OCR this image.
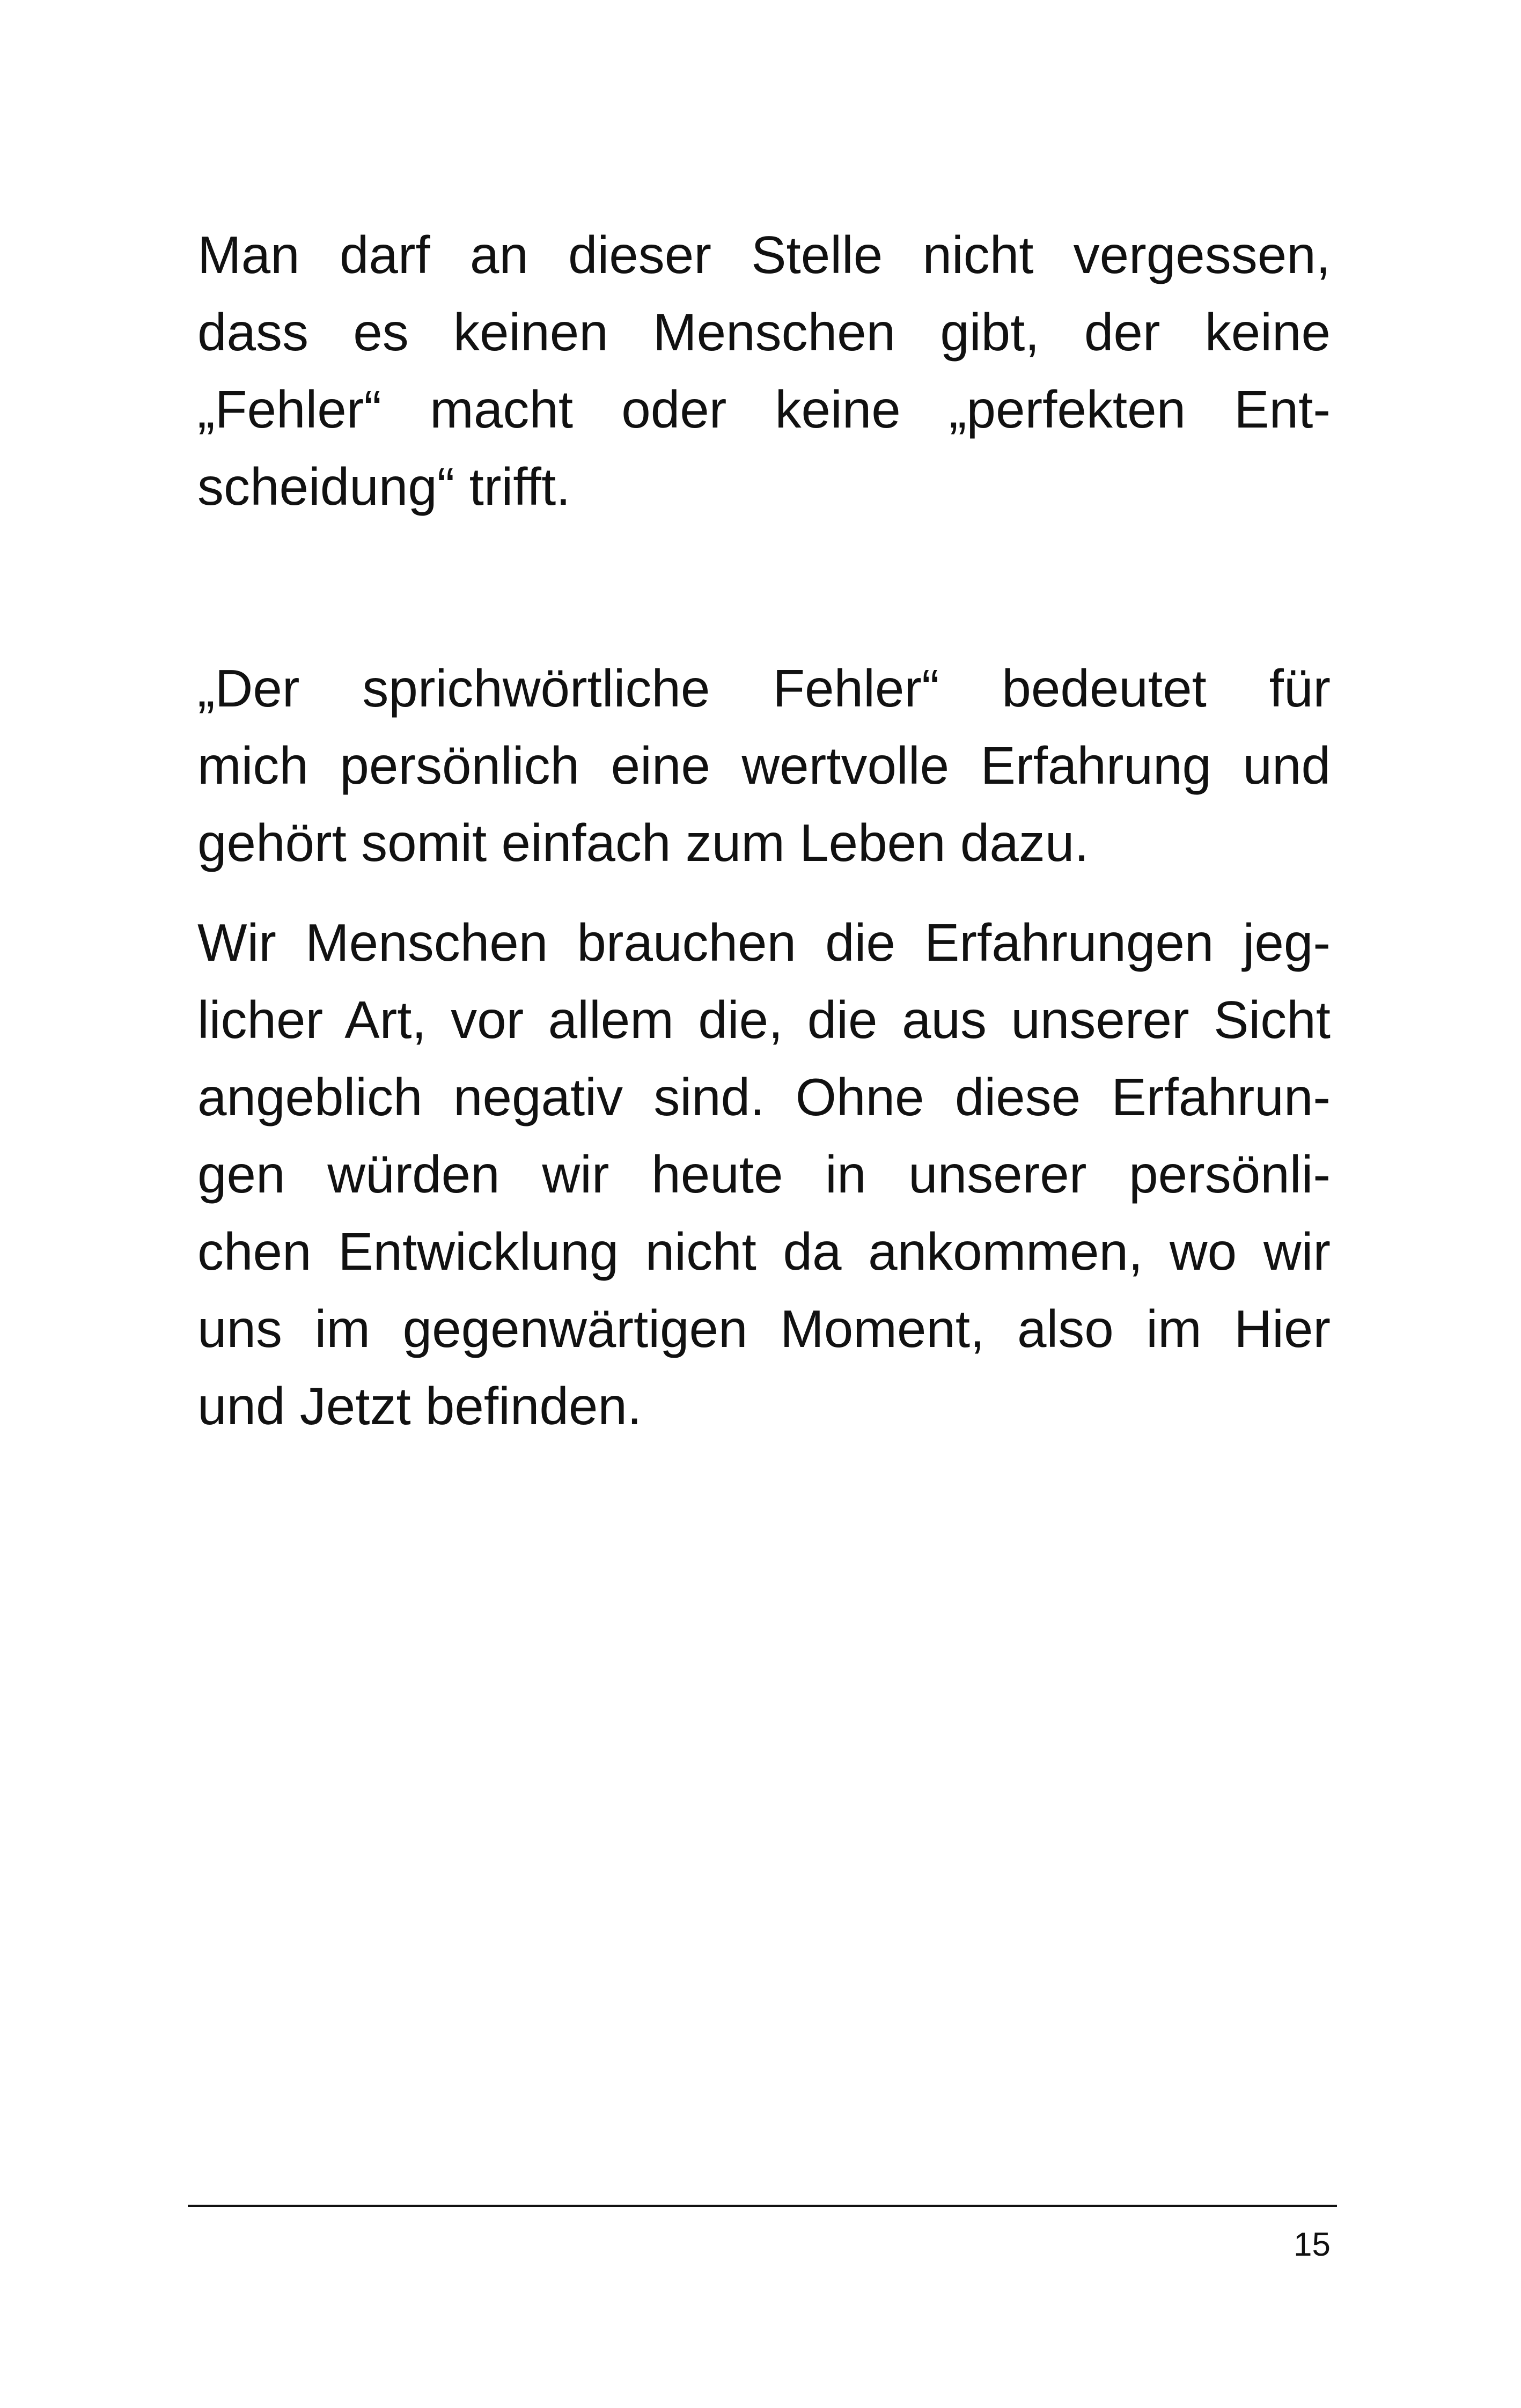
Man darf an dieser Stelle nicht vergessen,
dass es keinen Menschen gibt, der keine
„Fehler“ macht oder keine „perfekten Ent-
scheidung“ trifft.
„Der sprichwörtliche Fehler“ bedeutet für
mich persönlich eine wertvolle Erfahrung und
gehört somit einfach zum Leben dazu.
Wir Menschen brauchen die Erfahrungen jeg-
licher Art, vor allem die, die aus unserer Sicht
angeblich negativ sind. Ohne diese Erfahrun-
gen würden wir heute in unserer persönli-
chen Entwicklung nicht da ankommen, wo wir
uns im gegenwärtigen Moment, also im Hier
und Jetzt befinden.
15
